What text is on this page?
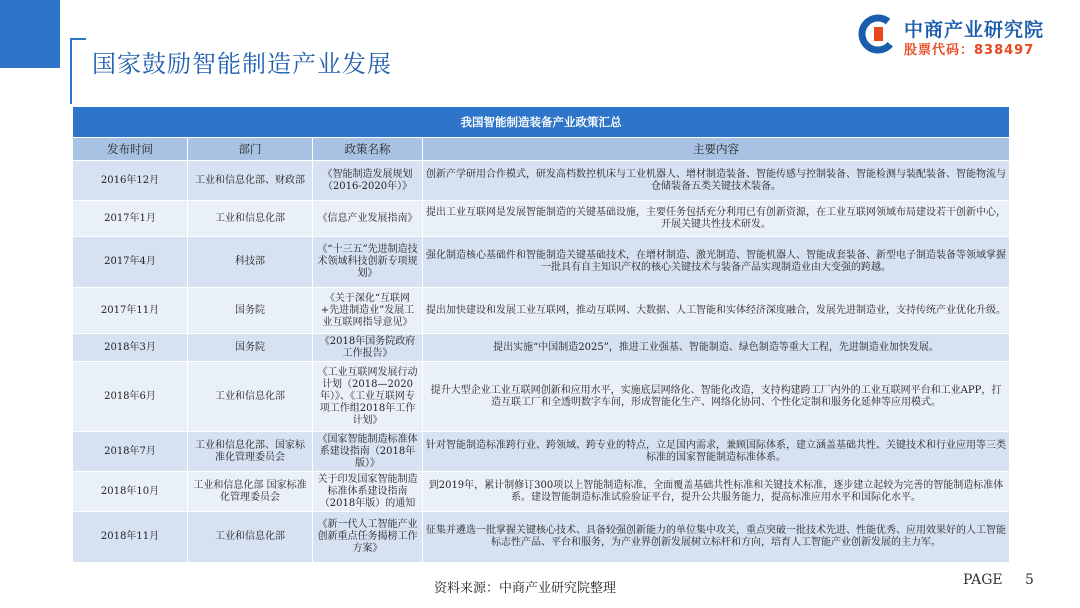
国家鼓励智能制造产业发展
中商产业研究院
股票代码：838497
我国智能制造装备产业政策汇总			
发布时间	部门	政策名称	主要内容
2016年12月	工业和信息化部、财政部	《智能制造发展规划（2016-2020年）》	创新产学研用合作模式，研发高档数控机床与工业机器人、增材制造装备、智能传感与控制装备、智能检测与装配装备、智能物流与仓储装备五类关键技术装备。
2017年1月	工业和信息化部	《信息产业发展指南》	提出工业互联网是发展智能制造的关键基础设施，主要任务包括充分利用已有创新资源，在工业互联网领域布局建设若干创新中心，开展关键共性技术研发。
2017年4月	科技部	《“十三五”先进制造技术领域科技创新专项规划》	强化制造核心基础件和智能制造关键基础技术，在增材制造、激光制造、智能机器人、智能成套装备、新型电子制造装备等领域掌握一批具有自主知识产权的核心关键技术与装备产品实现制造业由大变强的跨越。
2017年11月	国务院	《关于深化“互联网+先进制造业”发展工业互联网指导意见》	提出加快建设和发展工业互联网，推动互联网、大数据、人工智能和实体经济深度融合，发展先进制造业，支持传统产业优化升级。
2018年3月	国务院	《2018年国务院政府工作报告》	提出实施“中国制造2025”，推进工业强基、智能制造、绿色制造等重大工程，先进制造业加快发展。
2018年6月	工业和信息化部	《工业互联网发展行动计划（2018—2020年）》、《工业互联网专项工作组2018年工作计划》	提升大型企业工业互联网创新和应用水平，实施底层网络化、智能化改造，支持构建跨工厂内外的工业互联网平台和工业APP，打造互联工厂和全透明数字车间，形成智能化生产、网络化协同、个性化定制和服务化延伸等应用模式。
2018年7月	工业和信息化部、国家标准化管理委员会	《国家智能制造标准体系建设指南（2018年版）》	针对智能制造标准跨行业、跨领域、跨专业的特点，立足国内需求，兼顾国际体系，建立涵盖基础共性、关键技术和行业应用等三类标准的国家智能制造标准体系。
2018年10月	工业和信息化部 国家标准化管理委员会	关于印发国家智能制造标准体系建设指南（2018年版）的通知	到2019年，累计制修订300项以上智能制造标准，全面覆盖基础共性标准和关键技术标准，逐步建立起较为完善的智能制造标准体系。建设智能制造标准试验验证平台，提升公共服务能力，提高标准应用水平和国际化水平。
2018年11月	工业和信息化部	《新一代人工智能产业创新重点任务揭榜工作方案》	征集并遴选一批掌握关键核心技术、具备较强创新能力的单位集中攻关，重点突破一批技术先进、性能优秀、应用效果好的人工智能标志性产品、平台和服务，为产业界创新发展树立标杆和方向，培育人工智能产业创新发展的主力军。
资料来源：中商产业研究院整理
PAGE 5
